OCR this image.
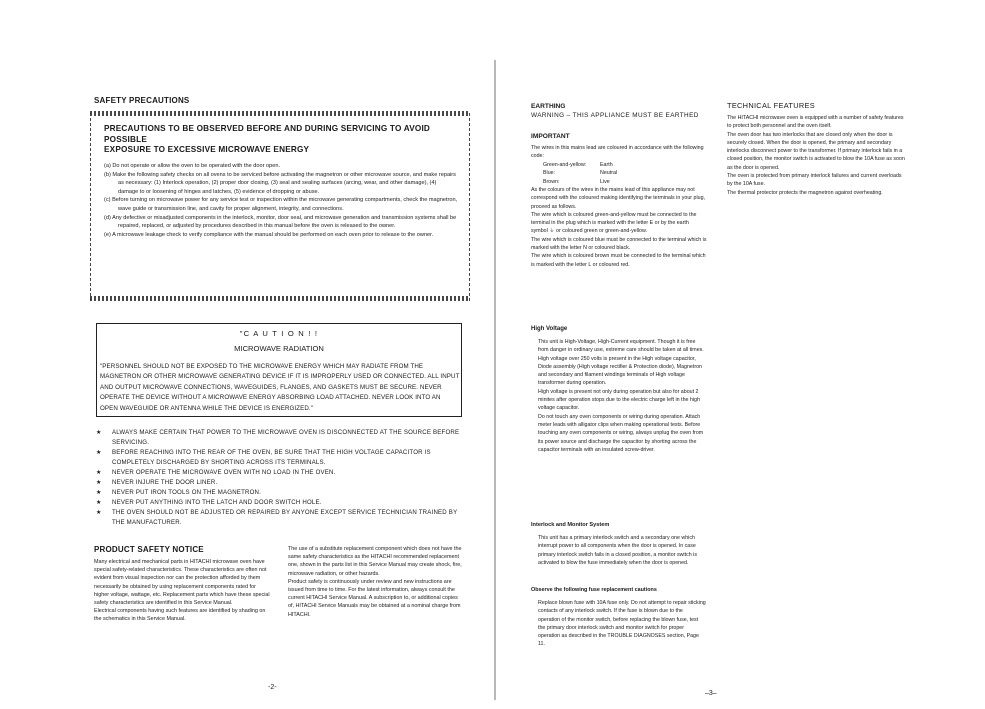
SAFETY PRECAUTIONS
PRECAUTIONS TO BE OBSERVED BEFORE AND DURING SERVICING TO AVOID POSSIBLE
EXPOSURE TO EXCESSIVE MICROWAVE ENERGY
(a) Do not operate or allow the oven to be operated with the door open.
(b) Make the following safety checks on all ovens to be serviced before activating the magnetron or other microwave source, and make repairs as necessary: (1) Interlock operation, (2) proper door closing, (3) seal and sealing surfaces (arcing, wear, and other damage), (4) damage to or loosening of hinges and latches, (5) evidence of dropping or abuse.
(c) Before turning on microwave power for any service test or inspection within the microwave generating compartments, check the magnetron, wave guide or transmission line, and cavity for proper alignment, integrity, and connections.
(d) Any defective or misadjusted components in the interlock, monitor, door seal, and microwave generation and transmission systems shall be repaired, replaced, or adjusted by procedures described in this manual before the oven is released to the owner.
(e) A microwave leakage check to verify compliance with the manual should be performed on each oven prior to release to the owner.
"C A U T I O N ! !
MICROWAVE RADIATION
"PERSONNEL SHOULD NOT BE EXPOSED TO THE MICROWAVE ENERGY WHICH MAY RADIATE FROM THE MAGNETRON OR OTHER MICROWAVE GENERATING DEVICE IF IT IS IMPROPERLY USED OR CONNECTED. ALL INPUT AND OUTPUT MICROWAVE CONNECTIONS, WAVEGUIDES, FLANGES, AND GASKETS MUST BE SECURE. NEVER OPERATE THE DEVICE WITHOUT A MICROWAVE ENERGY ABSORBING LOAD ATTACHED. NEVER LOOK INTO AN OPEN WAVEGUIDE OR ANTENNA WHILE THE DEVICE IS ENERGIZED."
★ ALWAYS MAKE CERTAIN THAT POWER TO THE MICROWAVE OVEN IS DISCONNECTED AT THE SOURCE BEFORE SERVICING.
★ BEFORE REACHING INTO THE REAR OF THE OVEN, BE SURE THAT THE HIGH VOLTAGE CAPACITOR IS COMPLETELY DISCHARGED BY SHORTING ACROSS ITS TERMINALS.
★ NEVER OPERATE THE MICROWAVE OVEN WITH NO LOAD IN THE OVEN.
★ NEVER INJURE THE DOOR LINER.
★ NEVER PUT IRON TOOLS ON THE MAGNETRON.
★ NEVER PUT ANYTHING INTO THE LATCH AND DOOR SWITCH HOLE.
★ THE OVEN SHOULD NOT BE ADJUSTED OR REPAIRED BY ANYONE EXCEPT SERVICE TECHNICIAN TRAINED BY THE MANUFACTURER.
PRODUCT SAFETY NOTICE
Many electrical and mechanical parts in HITACHI microwave oven have special safety-related characteristics. These characteristics are often not evident from visual inspection nor can the protection afforded by them necessarily be obtained by using replacement components rated for higher voltage, wattage, etc. Replacement parts which have these special safety characteristics are identified in this Service Manual.
Electrical components having such features are identified by shading on the schematics in this Service Manual.
The use of a substitute replacement component which does not have the same safety characteristics as the HITACHI recommended replacement one, shown in the parts list in this Service Manual may create shock, fire, microwave radiation, or other hazards.
Product safety is continuously under review and new instructions are issued from time to time. For the latest information, always consult the current HITACHI Service Manual. A subscription to, or additional copies of, HITACHI Service Manuals may be obtained at a nominal charge from HITACHI.
-2-
EARTHING
WARNING – THIS APPLIANCE MUST BE EARTHED
IMPORTANT
The wires in this mains lead are coloured in accordance with the following code:
Green-and-yellow:	Earth
Blue:	Neutral
Brown:	Live
As the colours of the wires in the mains lead of this appliance may not correspond with the coloured making identifying the terminals in your plug, proceed as follows.
The wire which is coloured green-and-yellow must be connected to the terminal in the plug which is marked with the letter E or by the earth symbol ⏚ or coloured green or green-and-yellow.
The wire which is coloured blue must be connected to the terminal which is marked with the letter N or coloured black.
The wire which is coloured brown must be connected to the terminal which is marked with the letter L or coloured red.
High Voltage
This unit is High-Voltage, High-Current equipment. Though it is free from danger in ordinary use, extreme care should be taken at all times.
High voltage over 250 volts is present in the High voltage capacitor, Diode assembly (High voltage rectifier & Protection diode), Magnetron and secondary and filament windings terminals of High voltage transformer during operation.
High voltage is present not only during operation but also for about 2 minites after operation stops due to the electric charge left in the high voltage capacitor.
Do not touch any oven components or wiring during operation. Attach meter leads with alligator clips when making operational tests. Before touching any oven components or wiring, always unplug the oven from its power source and discharge the capacitor by shorting across the capacitor terminals with an insulated screw-driver.
Interlock and Monitor System
This unit has a primary interlock switch and a secondary one which interrupt power to all components when the door is opened. In case primary interlock switch fails in a closed position, a monitor switch is activated to blow the fuse immediately when the door is opened.
Observe the following fuse replacement cautions
Replace blown fuse with 10A fuse only. Do not attempt to repair sticking contacts of any interlock switch. If the fuse is blown due to the operation of the monitor switch, before replacing the blown fuse, test the primary door interlock switch and monitor switch for proper operation as described in the TROUBLE DIAGNOSES section, Page 11.
TECHNICAL FEATURES
The HITACHI microwave oven is equipped with a number of safety features to protect both personnel and the oven itself.
The oven door has two interlocks that are closed only when the door is securely closed. When the door is opened, the primary and secondary interlocks disconnect power to the transformer. If primary interlock fails in a closed position, the monitor switch is activated to blow the 10A fuse as soon as the door is opened.
The oven is protected from primary interlock failures and current overloads by the 10A fuse.
The thermal protector protects the magnetron against overheating.
–3–
